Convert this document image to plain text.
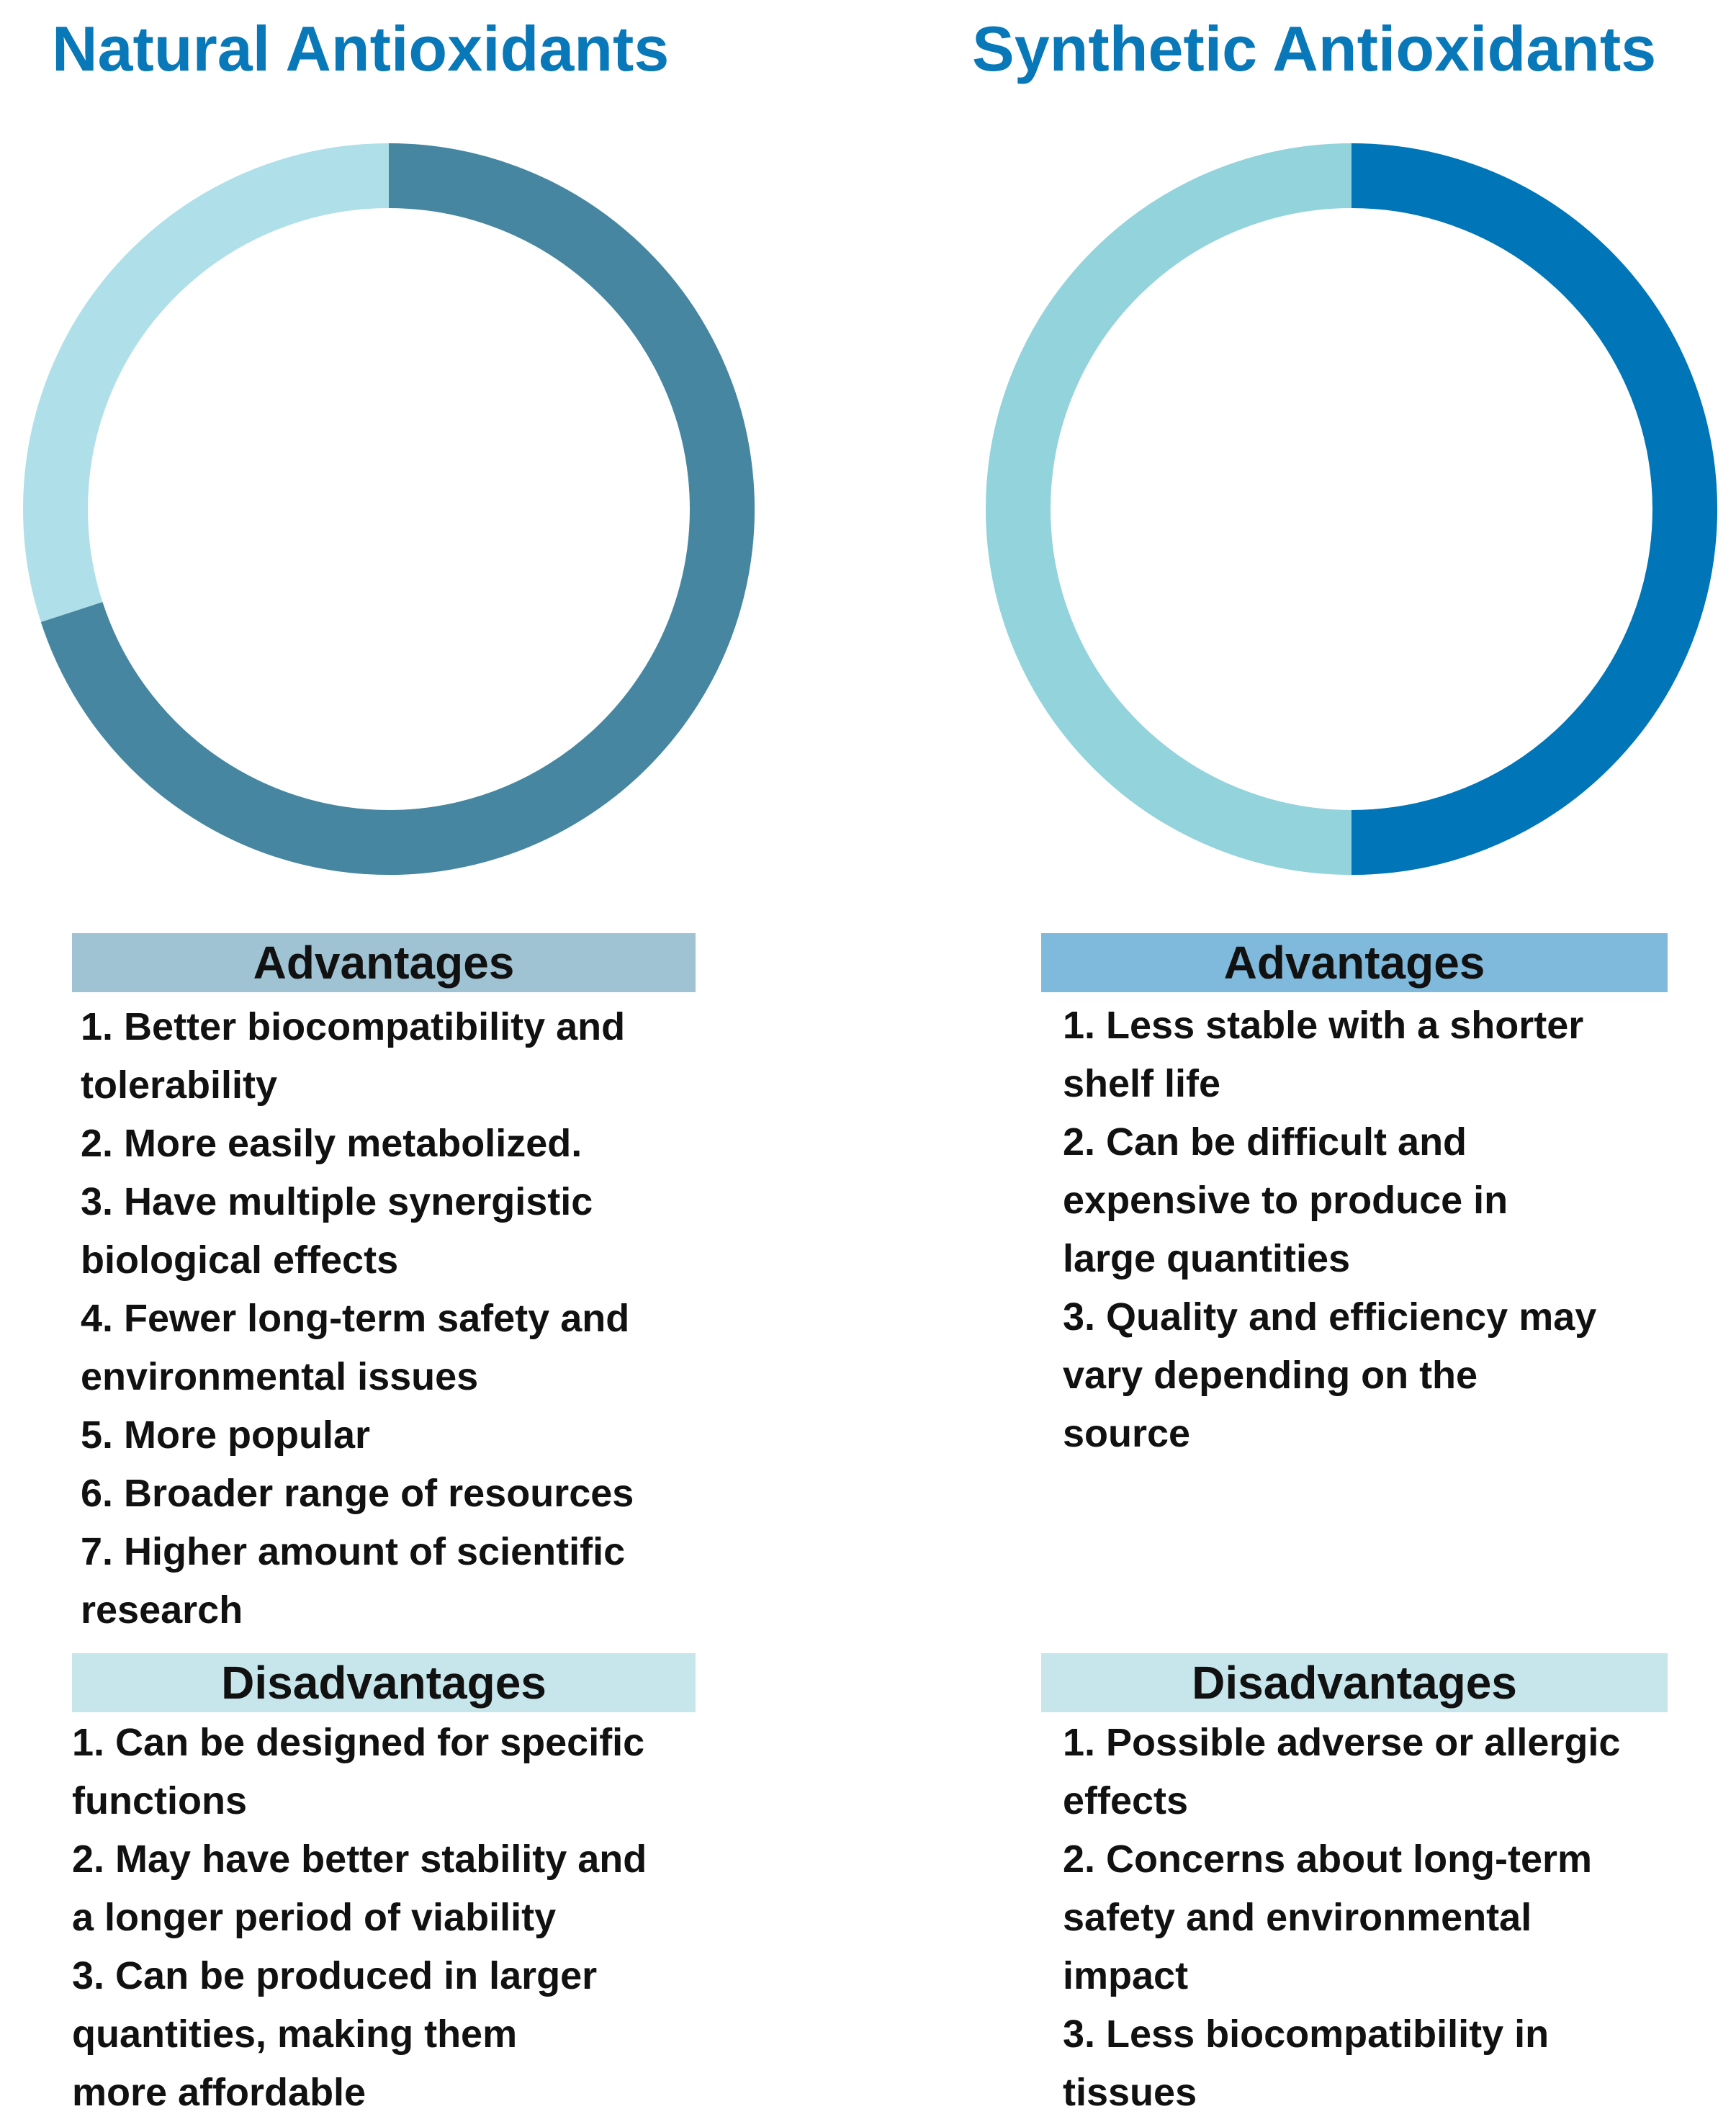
Natural Antioxidants	Synthetic Antioxidants
Advantages
1. Better biocompatibility and
tolerability
2. More easily metabolized.
3. Have multiple synergistic
biological effects
4. Fewer long-term safety and
environmental issues
5. More popular
6. Broader range of resources
7. Higher amount of scientific
research
Disadvantages
1. Can be designed for specific
functions
2. May have better stability and
a longer period of viability
3. Can be produced in larger
quantities, making them
more affordable
Advantages
1. Less stable with a shorter
shelf life
2. Can be difficult and
expensive to produce in
large quantities
3. Quality and efficiency may
vary depending on the
source
Disadvantages
1. Possible adverse or allergic
effects
2. Concerns about long-term
safety and environmental
impact
3. Less biocompatibility in
tissues
